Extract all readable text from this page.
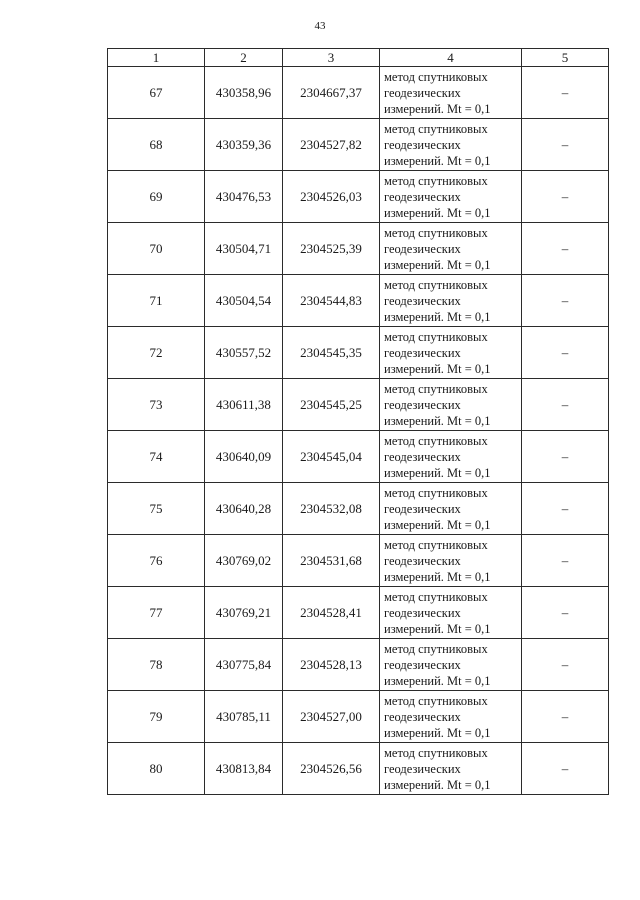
43
1	2	3	4	5
67	430358,96	2304667,37	метод спутниковых
геодезических
измерений. Mt = 0,1	–
68	430359,36	2304527,82	метод спутниковых
геодезических
измерений. Mt = 0,1	–
69	430476,53	2304526,03	метод спутниковых
геодезических
измерений. Mt = 0,1	–
70	430504,71	2304525,39	метод спутниковых
геодезических
измерений. Mt = 0,1	–
71	430504,54	2304544,83	метод спутниковых
геодезических
измерений. Mt = 0,1	–
72	430557,52	2304545,35	метод спутниковых
геодезических
измерений. Mt = 0,1	–
73	430611,38	2304545,25	метод спутниковых
геодезических
измерений. Mt = 0,1	–
74	430640,09	2304545,04	метод спутниковых
геодезических
измерений. Mt = 0,1	–
75	430640,28	2304532,08	метод спутниковых
геодезических
измерений. Mt = 0,1	–
76	430769,02	2304531,68	метод спутниковых
геодезических
измерений. Mt = 0,1	–
77	430769,21	2304528,41	метод спутниковых
геодезических
измерений. Mt = 0,1	–
78	430775,84	2304528,13	метод спутниковых
геодезических
измерений. Mt = 0,1	–
79	430785,11	2304527,00	метод спутниковых
геодезических
измерений. Mt = 0,1	–
80	430813,84	2304526,56	метод спутниковых
геодезических
измерений. Mt = 0,1	–
